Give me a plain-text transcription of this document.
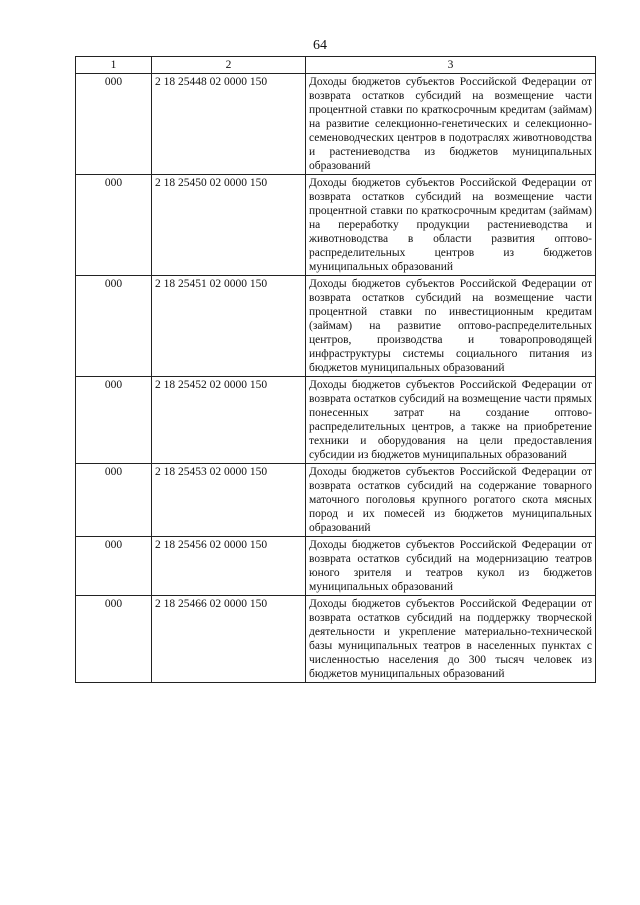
64
1	2	3
000	2 18 25448 02 0000 150	Доходы бюджетов субъектов Российской Федерации от возврата остатков субсидий на возмещение части процентной ставки по краткосрочным кредитам (займам) на развитие селекционно-генетических и селекционно-семеноводческих центров в подотраслях животноводства и растениеводства из бюджетов муниципальных образований
000	2 18 25450 02 0000 150	Доходы бюджетов субъектов Российской Федерации от возврата остатков субсидий на возмещение части процентной ставки по краткосрочным кредитам (займам) на переработку продукции растениеводства и животноводства в области развития оптово-распределительных центров из бюджетов муниципальных образований
000	2 18 25451 02 0000 150	Доходы бюджетов субъектов Российской Федерации от возврата остатков субсидий на возмещение части процентной ставки по инвестиционным кредитам (займам) на развитие оптово-распределительных центров, производства и товаропроводящей инфраструктуры системы социального питания из бюджетов муниципальных образований
000	2 18 25452 02 0000 150	Доходы бюджетов субъектов Российской Федерации от возврата остатков субсидий на возмещение части прямых понесенных затрат на создание оптово-распределительных центров, а также на приобретение техники и оборудования на цели предоставления субсидии из бюджетов муниципальных образований
000	2 18 25453 02 0000 150	Доходы бюджетов субъектов Российской Федерации от возврата остатков субсидий на содержание товарного маточного поголовья крупного рогатого скота мясных пород и их помесей из бюджетов муниципальных образований
000	2 18 25456 02 0000 150	Доходы бюджетов субъектов Российской Федерации от возврата остатков субсидий на модернизацию театров юного зрителя и театров кукол из бюджетов муниципальных образований
000	2 18 25466 02 0000 150	Доходы бюджетов субъектов Российской Федерации от возврата остатков субсидий на поддержку творческой деятельности и укрепление материально-технической базы муниципальных театров в населенных пунктах с численностью населения до 300 тысяч человек из бюджетов муниципальных образований
